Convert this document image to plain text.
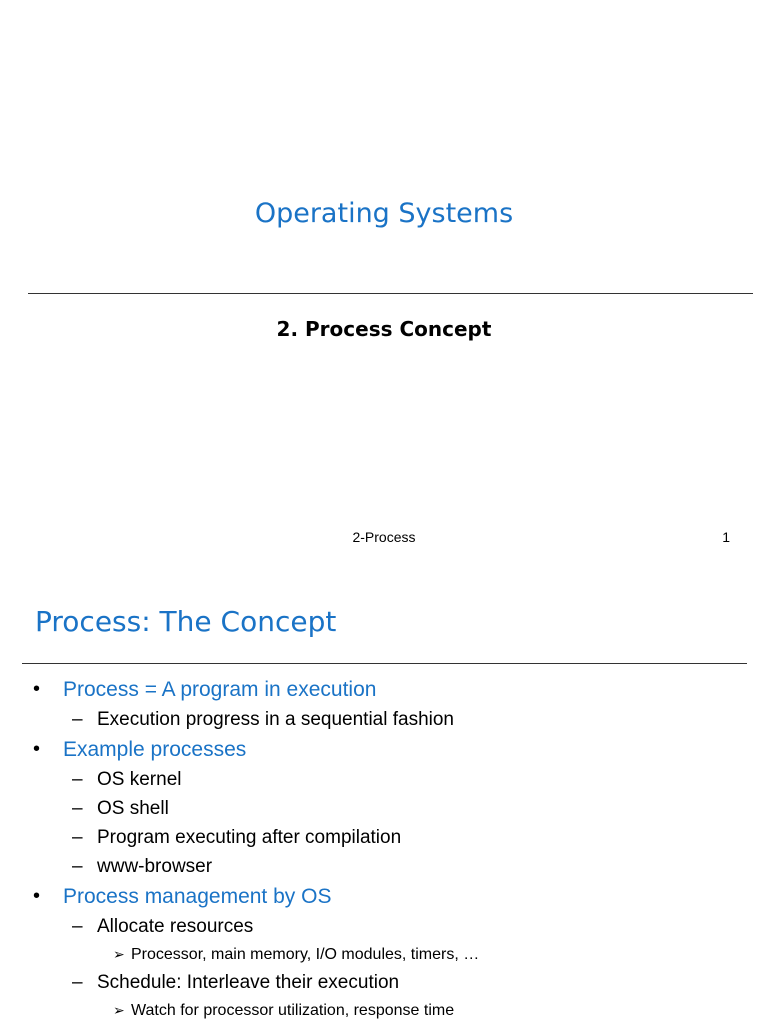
Operating Systems
2. Process Concept
2-Process	1
Process: The Concept
• Process = A program in execution
– Execution progress in a sequential fashion
• Example processes
– OS kernel
– OS shell
– Program executing after compilation
– www-browser
• Process management by OS
– Allocate resources
➢ Processor, main memory, I/O modules, timers, …
– Schedule: Interleave their execution
➢ Watch for processor utilization, response time
